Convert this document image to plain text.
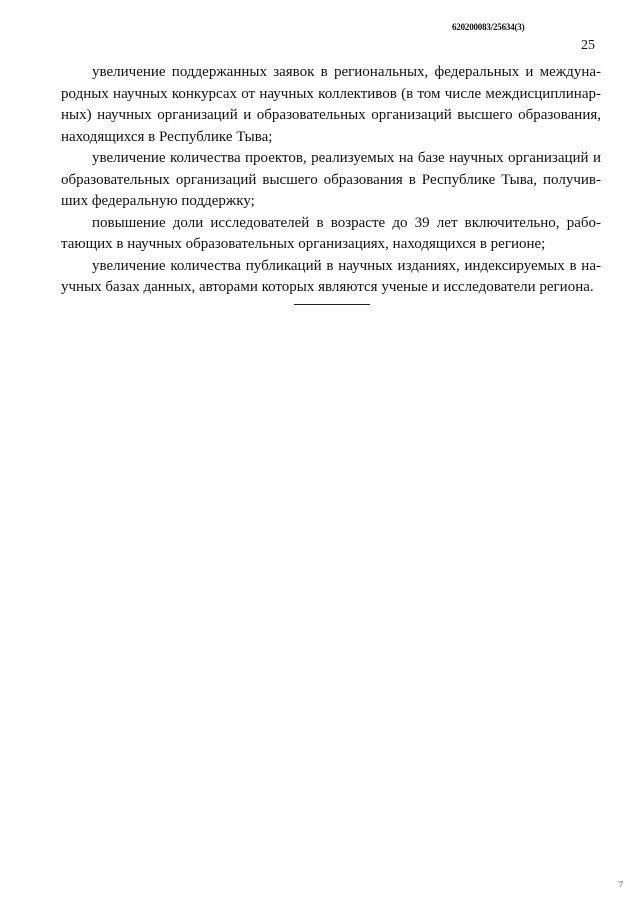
620200083/25634(3)
25

увеличение поддержанных заявок в региональных, федеральных и международных научных конкурсах от научных коллективов (в том числе междисциплинарных) научных организаций и образовательных организаций высшего образования, находящихся в Республике Тыва;

увеличение количества проектов, реализуемых на базе научных организаций и образовательных организаций высшего образования в Республике Тыва, получивших федеральную поддержку;

повышение доли исследователей в возрасте до 39 лет включительно, работающих в научных образовательных организациях, находящихся в регионе;

увеличение количества публикаций в научных изданиях, индексируемых в научных базах данных, авторами которых являются ученые и исследователи региона.

7
